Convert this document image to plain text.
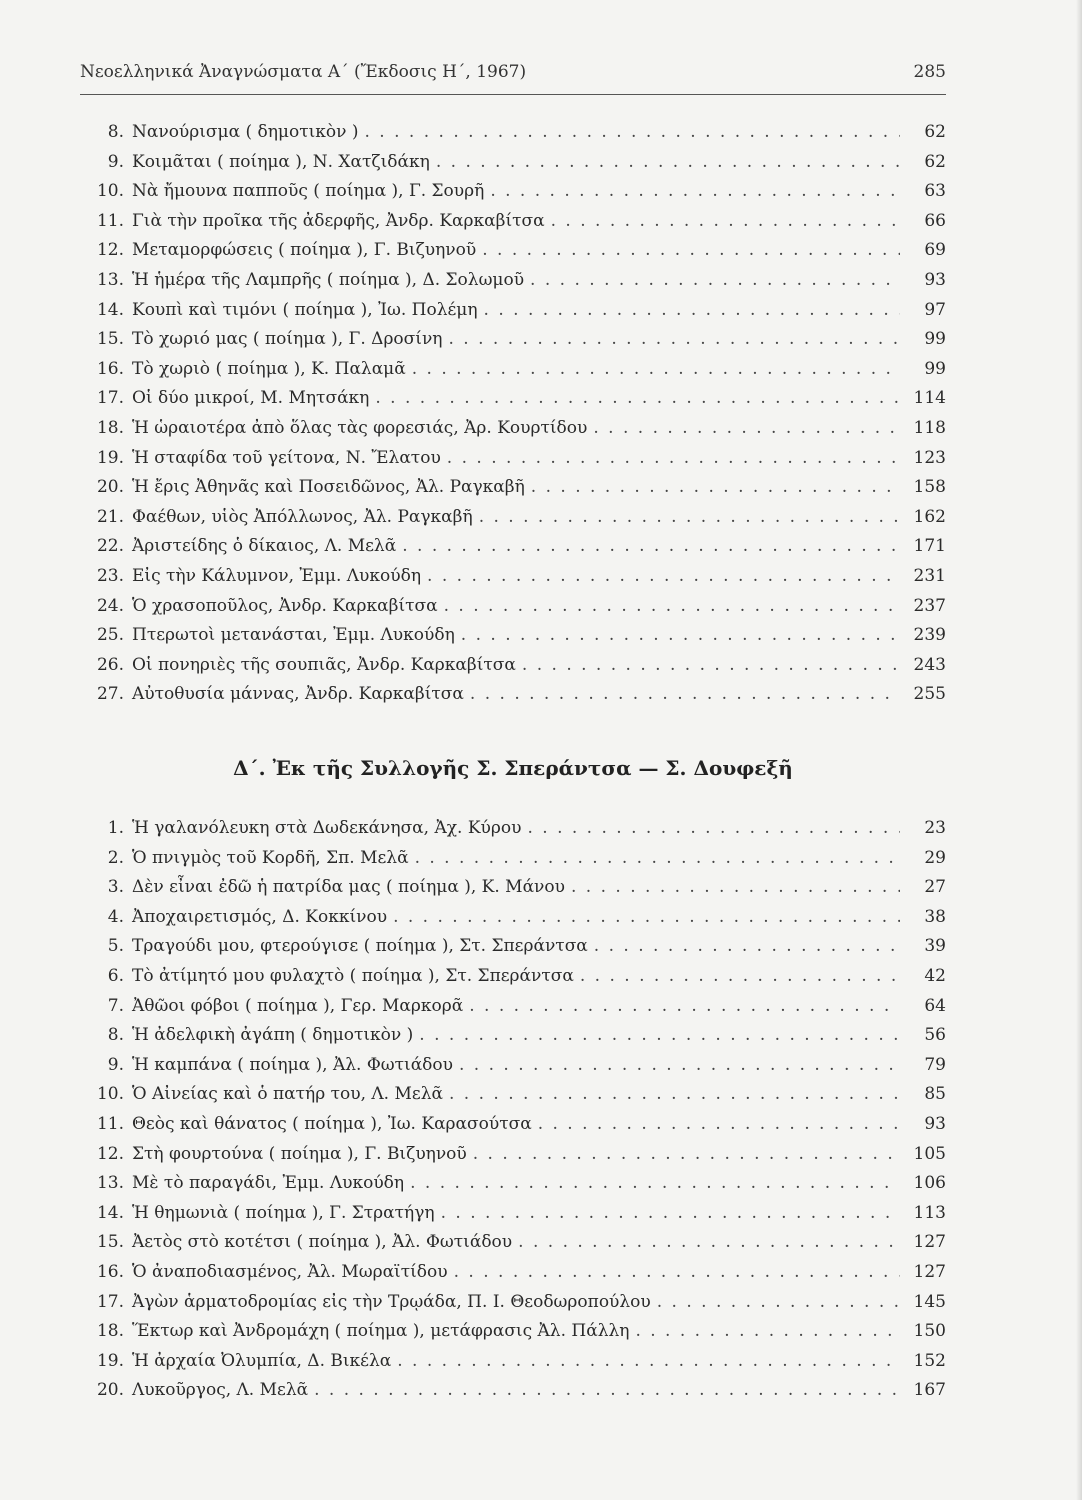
Νεοελληνικά Ἀναγνώσματα Α΄ (Ἔκδοσις Η΄, 1967)	285
8. Νανούρισμα ( δημοτικὸν ) . . .	62
9. Κοιμᾶται ( ποίημα ), Ν. Χατζιδάκη . . .	62
10. Νὰ ἤμουνα παπποῦς ( ποίημα ), Γ. Σουρῆ . . .	63
11. Γιὰ τὴν προῖκα τῆς ἀδερφῆς, Ἀνδρ. Καρκαβίτσα . . .	66
12. Μεταμορφώσεις ( ποίημα ), Γ. Βιζυηνοῦ . . .	69
13. Ἡ ἡμέρα τῆς Λαμπρῆς ( ποίημα ), Δ. Σολωμοῦ . . .	93
14. Κουπὶ καὶ τιμόνι ( ποίημα ), Ἰω. Πολέμη . . .	97
15. Τὸ χωριό μας ( ποίημα ), Γ. Δροσίνη . . .	99
16. Τὸ χωριὸ ( ποίημα ), Κ. Παλαμᾶ . . .	99
17. Οἱ δύο μικροί, Μ. Μητσάκη . . .	114
18. Ἡ ὡραιοτέρα ἀπὸ ὅλας τὰς φορεσιάς, Ἀρ. Κουρτίδου . . .	118
19. Ἡ σταφίδα τοῦ γείτονα, Ν. Ἔλατου . . .	123
20. Ἡ ἔρις Ἀθηνᾶς καὶ Ποσειδῶνος, Ἀλ. Ραγκαβῆ . . .	158
21. Φαέθων, υἱὸς Ἀπόλλωνος, Ἀλ. Ραγκαβῆ . . .	162
22. Ἀριστείδης ὁ δίκαιος, Λ. Μελᾶ . . .	171
23. Εἰς τὴν Κάλυμνον, Ἐμμ. Λυκούδη . . .	231
24. Ὁ χρασοποῦλος, Ἀνδρ. Καρκαβίτσα . . .	237
25. Πτερωτοὶ μετανάσται, Ἐμμ. Λυκούδη . . .	239
26. Οἱ πονηριὲς τῆς σουπιᾶς, Ἀνδρ. Καρκαβίτσα . . .	243
27. Αὐτοθυσία μάννας, Ἀνδρ. Καρκαβίτσα . . .	255
Δ΄. Ἐκ τῆς Συλλογῆς Σ. Σπεράντσα — Σ. Δουφεξῆ
1. Ἡ γαλανόλευκη στὰ Δωδεκάνησα, Ἀχ. Κύρου . . .	23
2. Ὁ πνιγμὸς τοῦ Κορδῆ, Σπ. Μελᾶ . . .	29
3. Δὲν εἶναι ἐδῶ ἡ πατρίδα μας ( ποίημα ), Κ. Μάνου . . .	27
4. Ἀποχαιρετισμός, Δ. Κοκκίνου . . .	38
5. Τραγούδι μου, φτερούγισε ( ποίημα ), Στ. Σπεράντσα . . .	39
6. Τὸ ἀτίμητό μου φυλαχτὸ ( ποίημα ), Στ. Σπεράντσα . . .	42
7. Ἀθῶοι φόβοι ( ποίημα ), Γερ. Μαρκορᾶ . . .	64
8. Ἡ ἀδελφικὴ ἀγάπη ( δημοτικὸν ) . . .	56
9. Ἡ καμπάνα ( ποίημα ), Ἀλ. Φωτιάδου . . .	79
10. Ὁ Αἰνείας καὶ ὁ πατήρ του, Λ. Μελᾶ . . .	85
11. Θεὸς καὶ θάνατος ( ποίημα ), Ἰω. Καρασούτσα . . .	93
12. Στὴ φουρτούνα ( ποίημα ), Γ. Βιζυηνοῦ . . .	105
13. Μὲ τὸ παραγάδι, Ἐμμ. Λυκούδη . . .	106
14. Ἡ θημωνιὰ ( ποίημα ), Γ. Στρατήγη . . .	113
15. Ἀετὸς στὸ κοτέτσι ( ποίημα ), Ἀλ. Φωτιάδου . . .	127
16. Ὁ ἀναποδιασμένος, Ἀλ. Μωραϊτίδου . . .	127
17. Ἀγὼν ἁρματοδρομίας εἰς τὴν Τρῳάδα, Π. Ι. Θεοδωροπούλου . . .	145
18. Ἕκτωρ καὶ Ἀνδρομάχη ( ποίημα ), μετάφρασις Ἀλ. Πάλλη . . .	150
19. Ἡ ἀρχαία Ὀλυμπία, Δ. Βικέλα . . .	152
20. Λυκοῦργος, Λ. Μελᾶ . . .	167
